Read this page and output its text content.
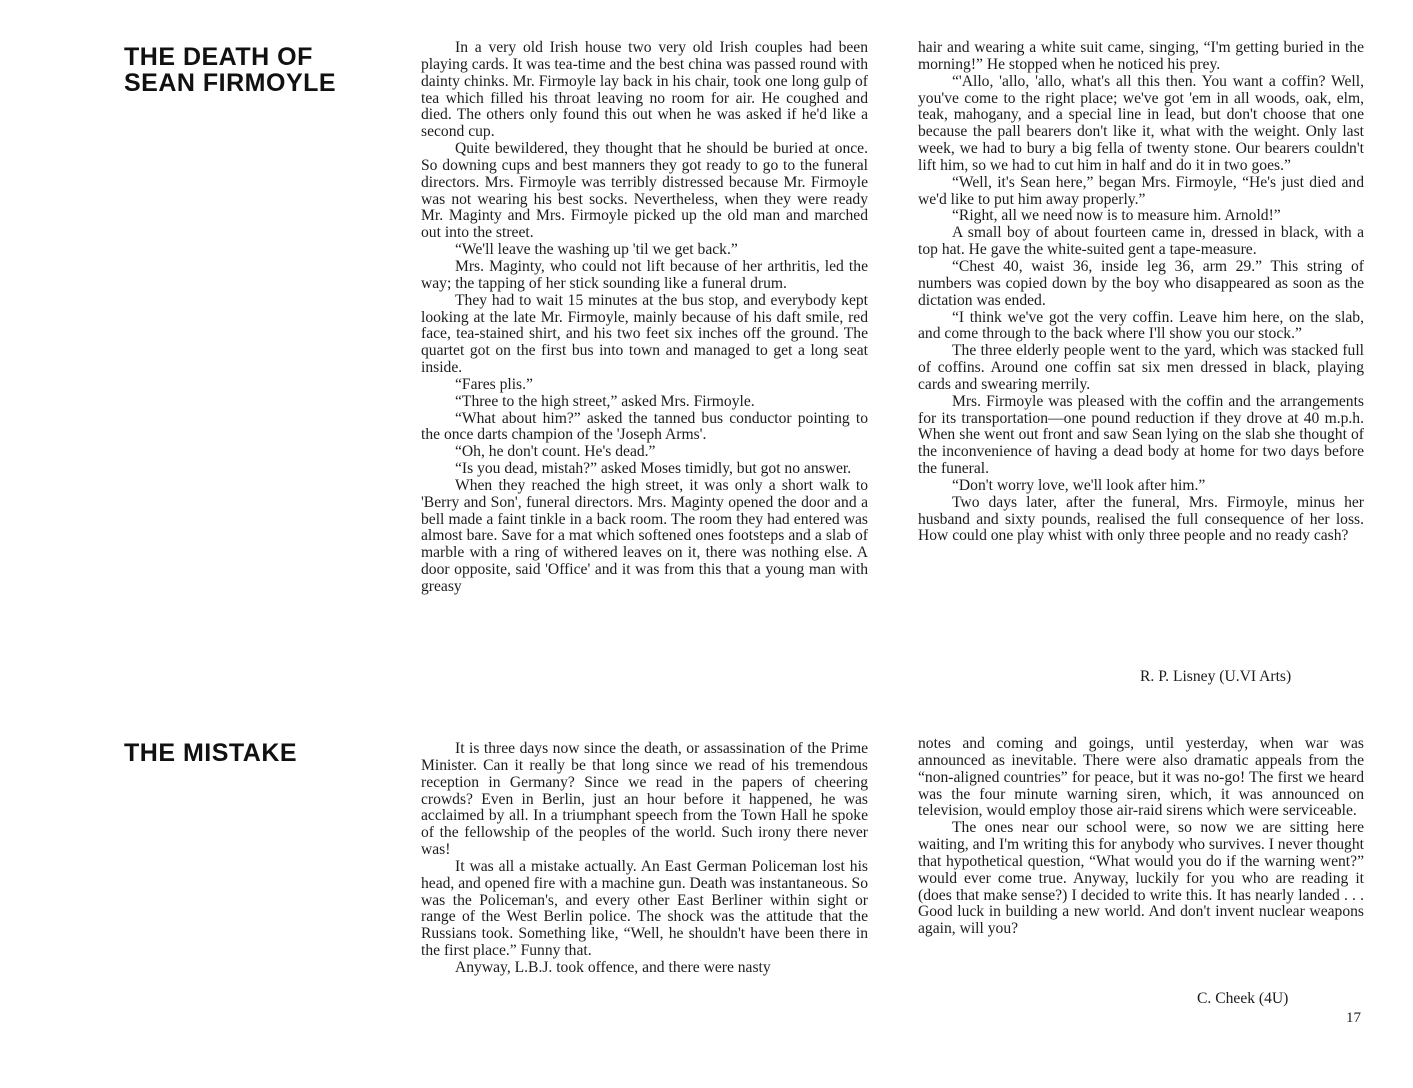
THE DEATH OF
SEAN FIRMOYLE

In a very old Irish house two very old Irish couples had been playing cards. It was tea-time and the best china was passed round with dainty chinks. Mr. Firmoyle lay back in his chair, took one long gulp of tea which filled his throat leaving no room for air. He coughed and died. The others only found this out when he was asked if he'd like a second cup.

Quite bewildered, they thought that he should be buried at once. So downing cups and best manners they got ready to go to the funeral directors. Mrs. Firmoyle was terribly distressed because Mr. Firmoyle was not wearing his best socks. Nevertheless, when they were ready Mr. Maginty and Mrs. Firmoyle picked up the old man and marched out into the street.

“We'll leave the washing up 'til we get back.”

Mrs. Maginty, who could not lift because of her arthritis, led the way; the tapping of her stick sounding like a funeral drum.

They had to wait 15 minutes at the bus stop, and everybody kept looking at the late Mr. Firmoyle, mainly because of his daft smile, red face, tea-stained shirt, and his two feet six inches off the ground. The quartet got on the first bus into town and managed to get a long seat inside.

“Fares plis.”

“Three to the high street,” asked Mrs. Firmoyle.

“What about him?” asked the tanned bus conductor pointing to the once darts champion of the 'Joseph Arms'.

“Oh, he don't count. He's dead.”

“Is you dead, mistah?” asked Moses timidly, but got no answer.

When they reached the high street, it was only a short walk to 'Berry and Son', funeral directors. Mrs. Maginty opened the door and a bell made a faint tinkle in a back room. The room they had entered was almost bare. Save for a mat which softened ones footsteps and a slab of marble with a ring of withered leaves on it, there was nothing else. A door opposite, said 'Office' and it was from this that a young man with greasy

hair and wearing a white suit came, singing, “I'm getting buried in the morning!” He stopped when he noticed his prey.

“'Allo, 'allo, 'allo, what's all this then. You want a coffin? Well, you've come to the right place; we've got 'em in all woods, oak, elm, teak, mahogany, and a special line in lead, but don't choose that one because the pall bearers don't like it, what with the weight. Only last week, we had to bury a big fella of twenty stone. Our bearers couldn't lift him, so we had to cut him in half and do it in two goes.”

“Well, it's Sean here,” began Mrs. Firmoyle, “He's just died and we'd like to put him away properly.”

“Right, all we need now is to measure him. Arnold!”

A small boy of about fourteen came in, dressed in black, with a top hat. He gave the white-suited gent a tape-measure.

“Chest 40, waist 36, inside leg 36, arm 29.” This string of numbers was copied down by the boy who disappeared as soon as the dictation was ended.

“I think we've got the very coffin. Leave him here, on the slab, and come through to the back where I'll show you our stock.”

The three elderly people went to the yard, which was stacked full of coffins. Around one coffin sat six men dressed in black, playing cards and swearing merrily.

Mrs. Firmoyle was pleased with the coffin and the arrangements for its transportation—one pound reduction if they drove at 40 m.p.h. When she went out front and saw Sean lying on the slab she thought of the inconvenience of having a dead body at home for two days before the funeral.

“Don't worry love, we'll look after him.”

Two days later, after the funeral, Mrs. Firmoyle, minus her husband and sixty pounds, realised the full consequence of her loss. How could one play whist with only three people and no ready cash?

R. P. Lisney (U.VI Arts)
THE MISTAKE	It is three days now since the death, or assassination of the Prime Minister. Can it really be that long since we read of his tremendous reception in Germany? Since we read in the papers of cheering crowds? Even in Berlin, just an hour before it happened, he was acclaimed by all. In a triumphant speech from the Town Hall he spoke of the fellowship of the peoples of the world. Such irony there never was!

It was all a mistake actually. An East German Policeman lost his head, and opened fire with a machine gun. Death was instantaneous. So was the Policeman's, and every other East Berliner within sight or range of the West Berlin police. The shock was the attitude that the Russians took. Something like, “Well, he shouldn't have been there in the first place.” Funny that.

Anyway, L.B.J. took offence, and there were nasty

notes and coming and goings, until yesterday, when war was announced as inevitable. There were also dramatic appeals from the “non-aligned countries” for peace, but it was no-go! The first we heard was the four minute warning siren, which, it was announced on television, would employ those air-raid sirens which were serviceable.

The ones near our school were, so now we are sitting here waiting, and I'm writing this for anybody who survives. I never thought that hypothetical question, “What would you do if the warning went?” would ever come true. Anyway, luckily for you who are reading it (does that make sense?) I decided to write this. It has nearly landed . . . Good luck in building a new world. And don't invent nuclear weapons again, will you?

C. Cheek (4U)
17
